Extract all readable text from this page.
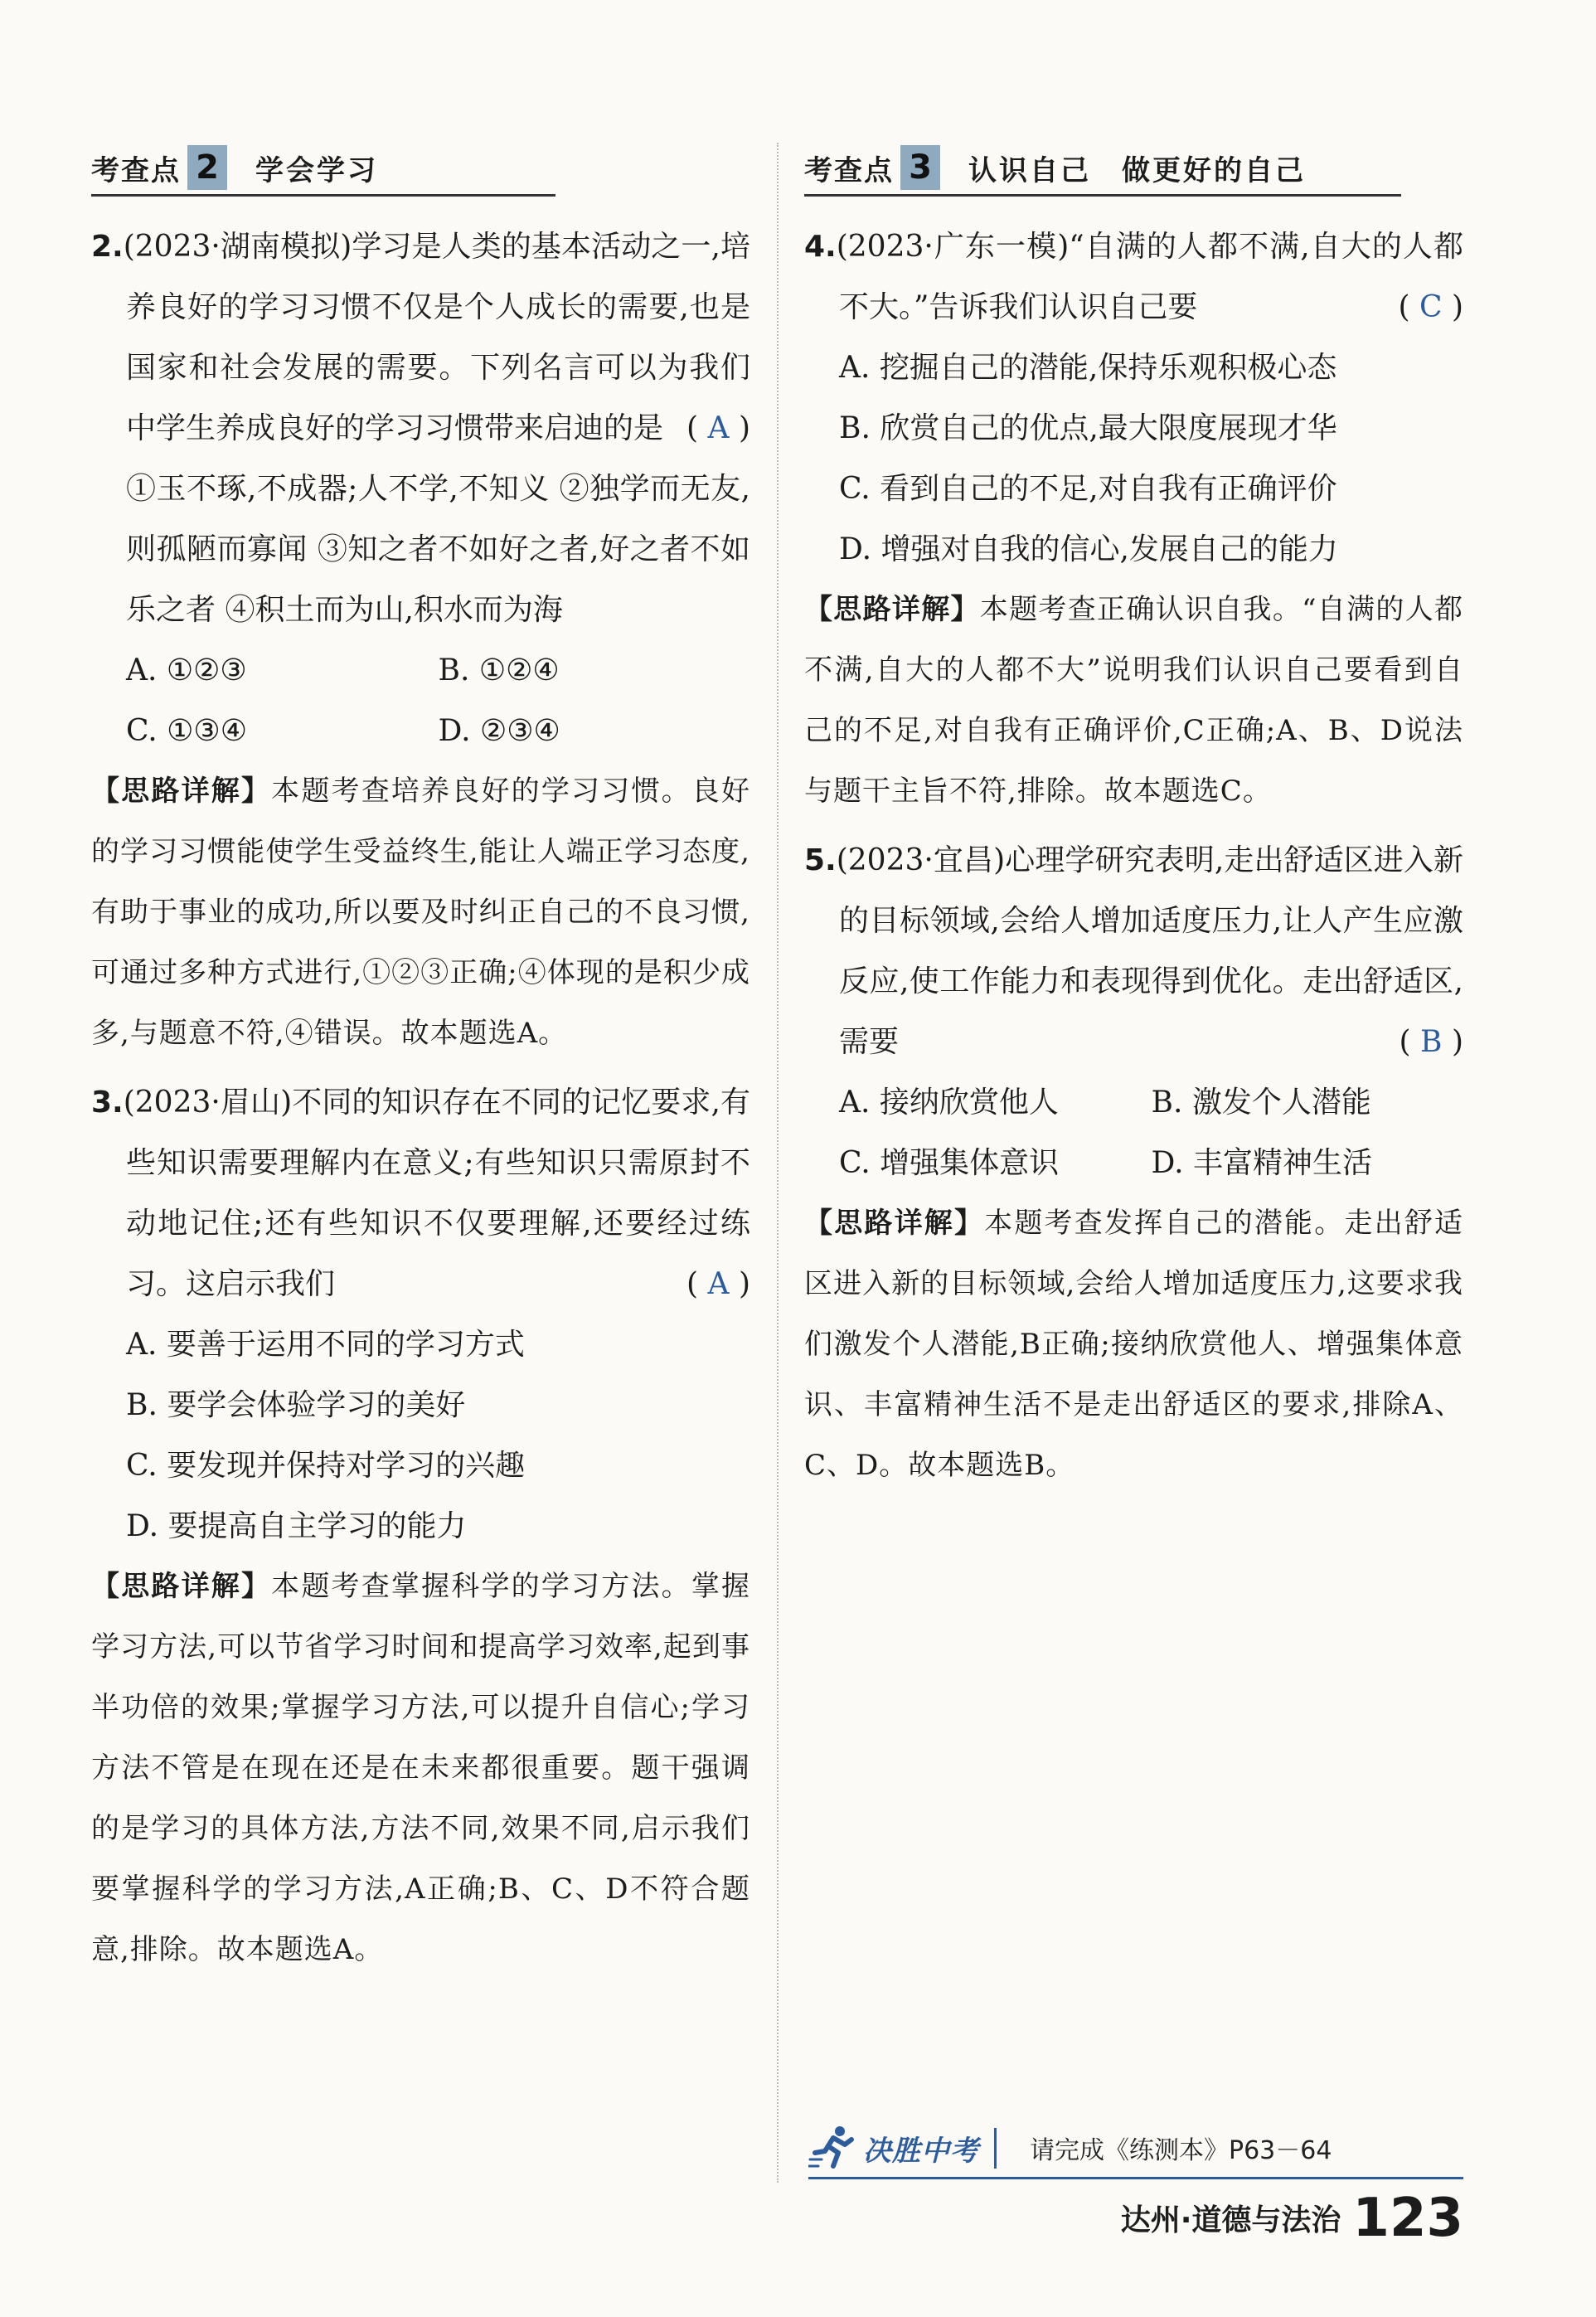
考查点 2 学会学习
2.(2023·湖南模拟)学习是人类的基本活动之一,培养良好的学习习惯不仅是个人成长的需要,也是国家和社会发展的需要。下列名言可以为我们中学生养成良好的学习习惯带来启迪的是 ( A )
①玉不琢,不成器;人不学,不知义 ②独学而无友,则孤陋而寡闻 ③知之者不如好之者,好之者不如乐之者 ④积土而为山,积水而为海
A. ①②③	B. ①②④
C. ①③④	D. ②③④
【思路详解】本题考查培养良好的学习习惯。良好的学习习惯能使学生受益终生,能让人端正学习态度,有助于事业的成功,所以要及时纠正自己的不良习惯,可通过多种方式进行,①②③正确;④体现的是积少成多,与题意不符,④错误。故本题选A。
3.(2023·眉山)不同的知识存在不同的记忆要求,有些知识需要理解内在意义;有些知识只需原封不动地记住;还有些知识不仅要理解,还要经过练习。这启示我们	( A )
A. 要善于运用不同的学习方式
B. 要学会体验学习的美好
C. 要发现并保持对学习的兴趣
D. 要提高自主学习的能力
【思路详解】本题考查掌握科学的学习方法。掌握学习方法,可以节省学习时间和提高学习效率,起到事半功倍的效果;掌握学习方法,可以提升自信心;学习方法不管是在现在还是在未来都很重要。题干强调的是学习的具体方法,方法不同,效果不同,启示我们要掌握科学的学习方法,A正确;B、C、D不符合题意,排除。故本题选A。
考查点 3 认识自己　做更好的自己
4.(2023·广东一模)“自满的人都不满,自大的人都不大。”告诉我们认识自己要	( C )
A. 挖掘自己的潜能,保持乐观积极心态
B. 欣赏自己的优点,最大限度展现才华
C. 看到自己的不足,对自我有正确评价
D. 增强对自我的信心,发展自己的能力
【思路详解】本题考查正确认识自我。“自满的人都不满,自大的人都不大”说明我们认识自己要看到自己的不足,对自我有正确评价,C正确;A、B、D说法与题干主旨不符,排除。故本题选C。
5.(2023·宜昌)心理学研究表明,走出舒适区进入新的目标领域,会给人增加适度压力,让人产生应激反应,使工作能力和表现得到优化。走出舒适区,需要	( B )
A. 接纳欣赏他人	B. 激发个人潜能
C. 增强集体意识	D. 丰富精神生活
【思路详解】本题考查发挥自己的潜能。走出舒适区进入新的目标领域,会给人增加适度压力,这要求我们激发个人潜能,B正确;接纳欣赏他人、增强集体意识、丰富精神生活不是走出舒适区的要求,排除A、C、D。故本题选B。
决胜中考	请完成《练测本》P63－64
达州·道德与法治 123
